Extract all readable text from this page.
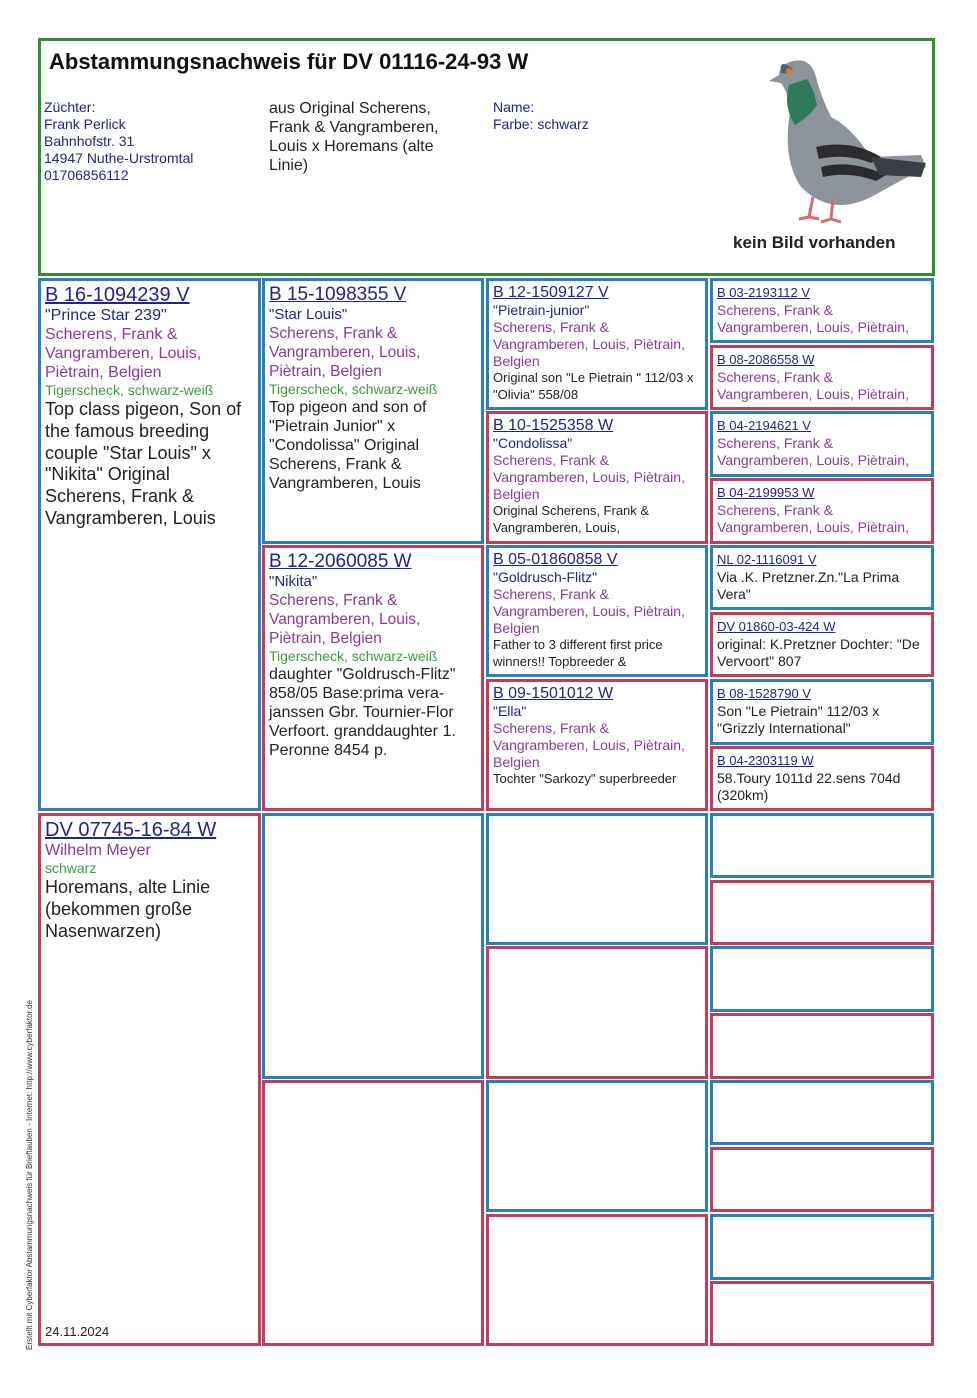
Abstammungsnachweis für DV 01116-24-93 W
Züchter:
Frank Perlick
Bahnhofstr. 31
14947 Nuthe-Urstromtal
01706856112
aus Original Scherens, Frank & Vangramberen, Louis x Horemans (alte Linie)
Name:
Farbe: schwarz
kein Bild vorhanden
B 16-1094239 V
"Prince Star 239"
Scherens, Frank & Vangramberen, Louis, Piètrain, Belgien
Tigerscheck, schwarz-weiß
Top class pigeon, Son of the famous breeding couple "Star Louis" x "Nikita" Original Scherens, Frank & Vangramberen, Louis
DV 07745-16-84 W
Wilhelm Meyer
schwarz
Horemans, alte Linie (bekommen große Nasenwarzen)
24.11.2024
B 15-1098355 V
"Star Louis"
Scherens, Frank & Vangramberen, Louis, Piètrain, Belgien
Tigerscheck, schwarz-weiß
Top pigeon and son of "Pietrain Junior" x "Condolissa" Original Scherens, Frank & Vangramberen, Louis
B 12-2060085 W
"Nikita"
Scherens, Frank & Vangramberen, Louis, Piètrain, Belgien
Tigerscheck, schwarz-weiß
daughter "Goldrusch-Flitz" 858/05 Base:prima vera-janssen Gbr. Tournier-Flor Verfoort. granddaughter 1. Peronne 8454 p.
B 12-1509127 V
"Pietrain-junior"
Scherens, Frank & Vangramberen, Louis, Piètrain, Belgien
Original son "Le Pietrain " 112/03 x "Olivia" 558/08
B 10-1525358 W
"Condolissa"
Scherens, Frank & Vangramberen, Louis, Piètrain, Belgien
Original Scherens, Frank & Vangramberen, Louis,
B 05-01860858 V
"Goldrusch-Flitz"
Scherens, Frank & Vangramberen, Louis, Piètrain, Belgien
Father to 3 different first price winners!! Topbreeder &
B 09-1501012 W
"Ella"
Scherens, Frank & Vangramberen, Louis, Piètrain, Belgien
Tochter "Sarkozy" superbreeder
B 03-2193112 V
Scherens, Frank & Vangramberen, Louis, Piètrain,
B 08-2086558 W
Scherens, Frank & Vangramberen, Louis, Piètrain,
B 04-2194621 V
Scherens, Frank & Vangramberen, Louis, Piètrain,
B 04-2199953 W
Scherens, Frank & Vangramberen, Louis, Piètrain,
NL 02-1116091 V
Via .K. Pretzner.Zn."La Prima Vera"
DV 01860-03-424 W
original: K.Pretzner Dochter: "De Vervoort" 807
B 08-1528790 V
Son "Le Pietrain" 112/03 x "Grizzly International"
B 04-2303119 W
58.Toury 1011d 22.sens 704d (320km)
Erstellt mit Cyberfaktor Abstammungsnachweis für Brieftauben - Internet: http://www.cyberfaktor.de
